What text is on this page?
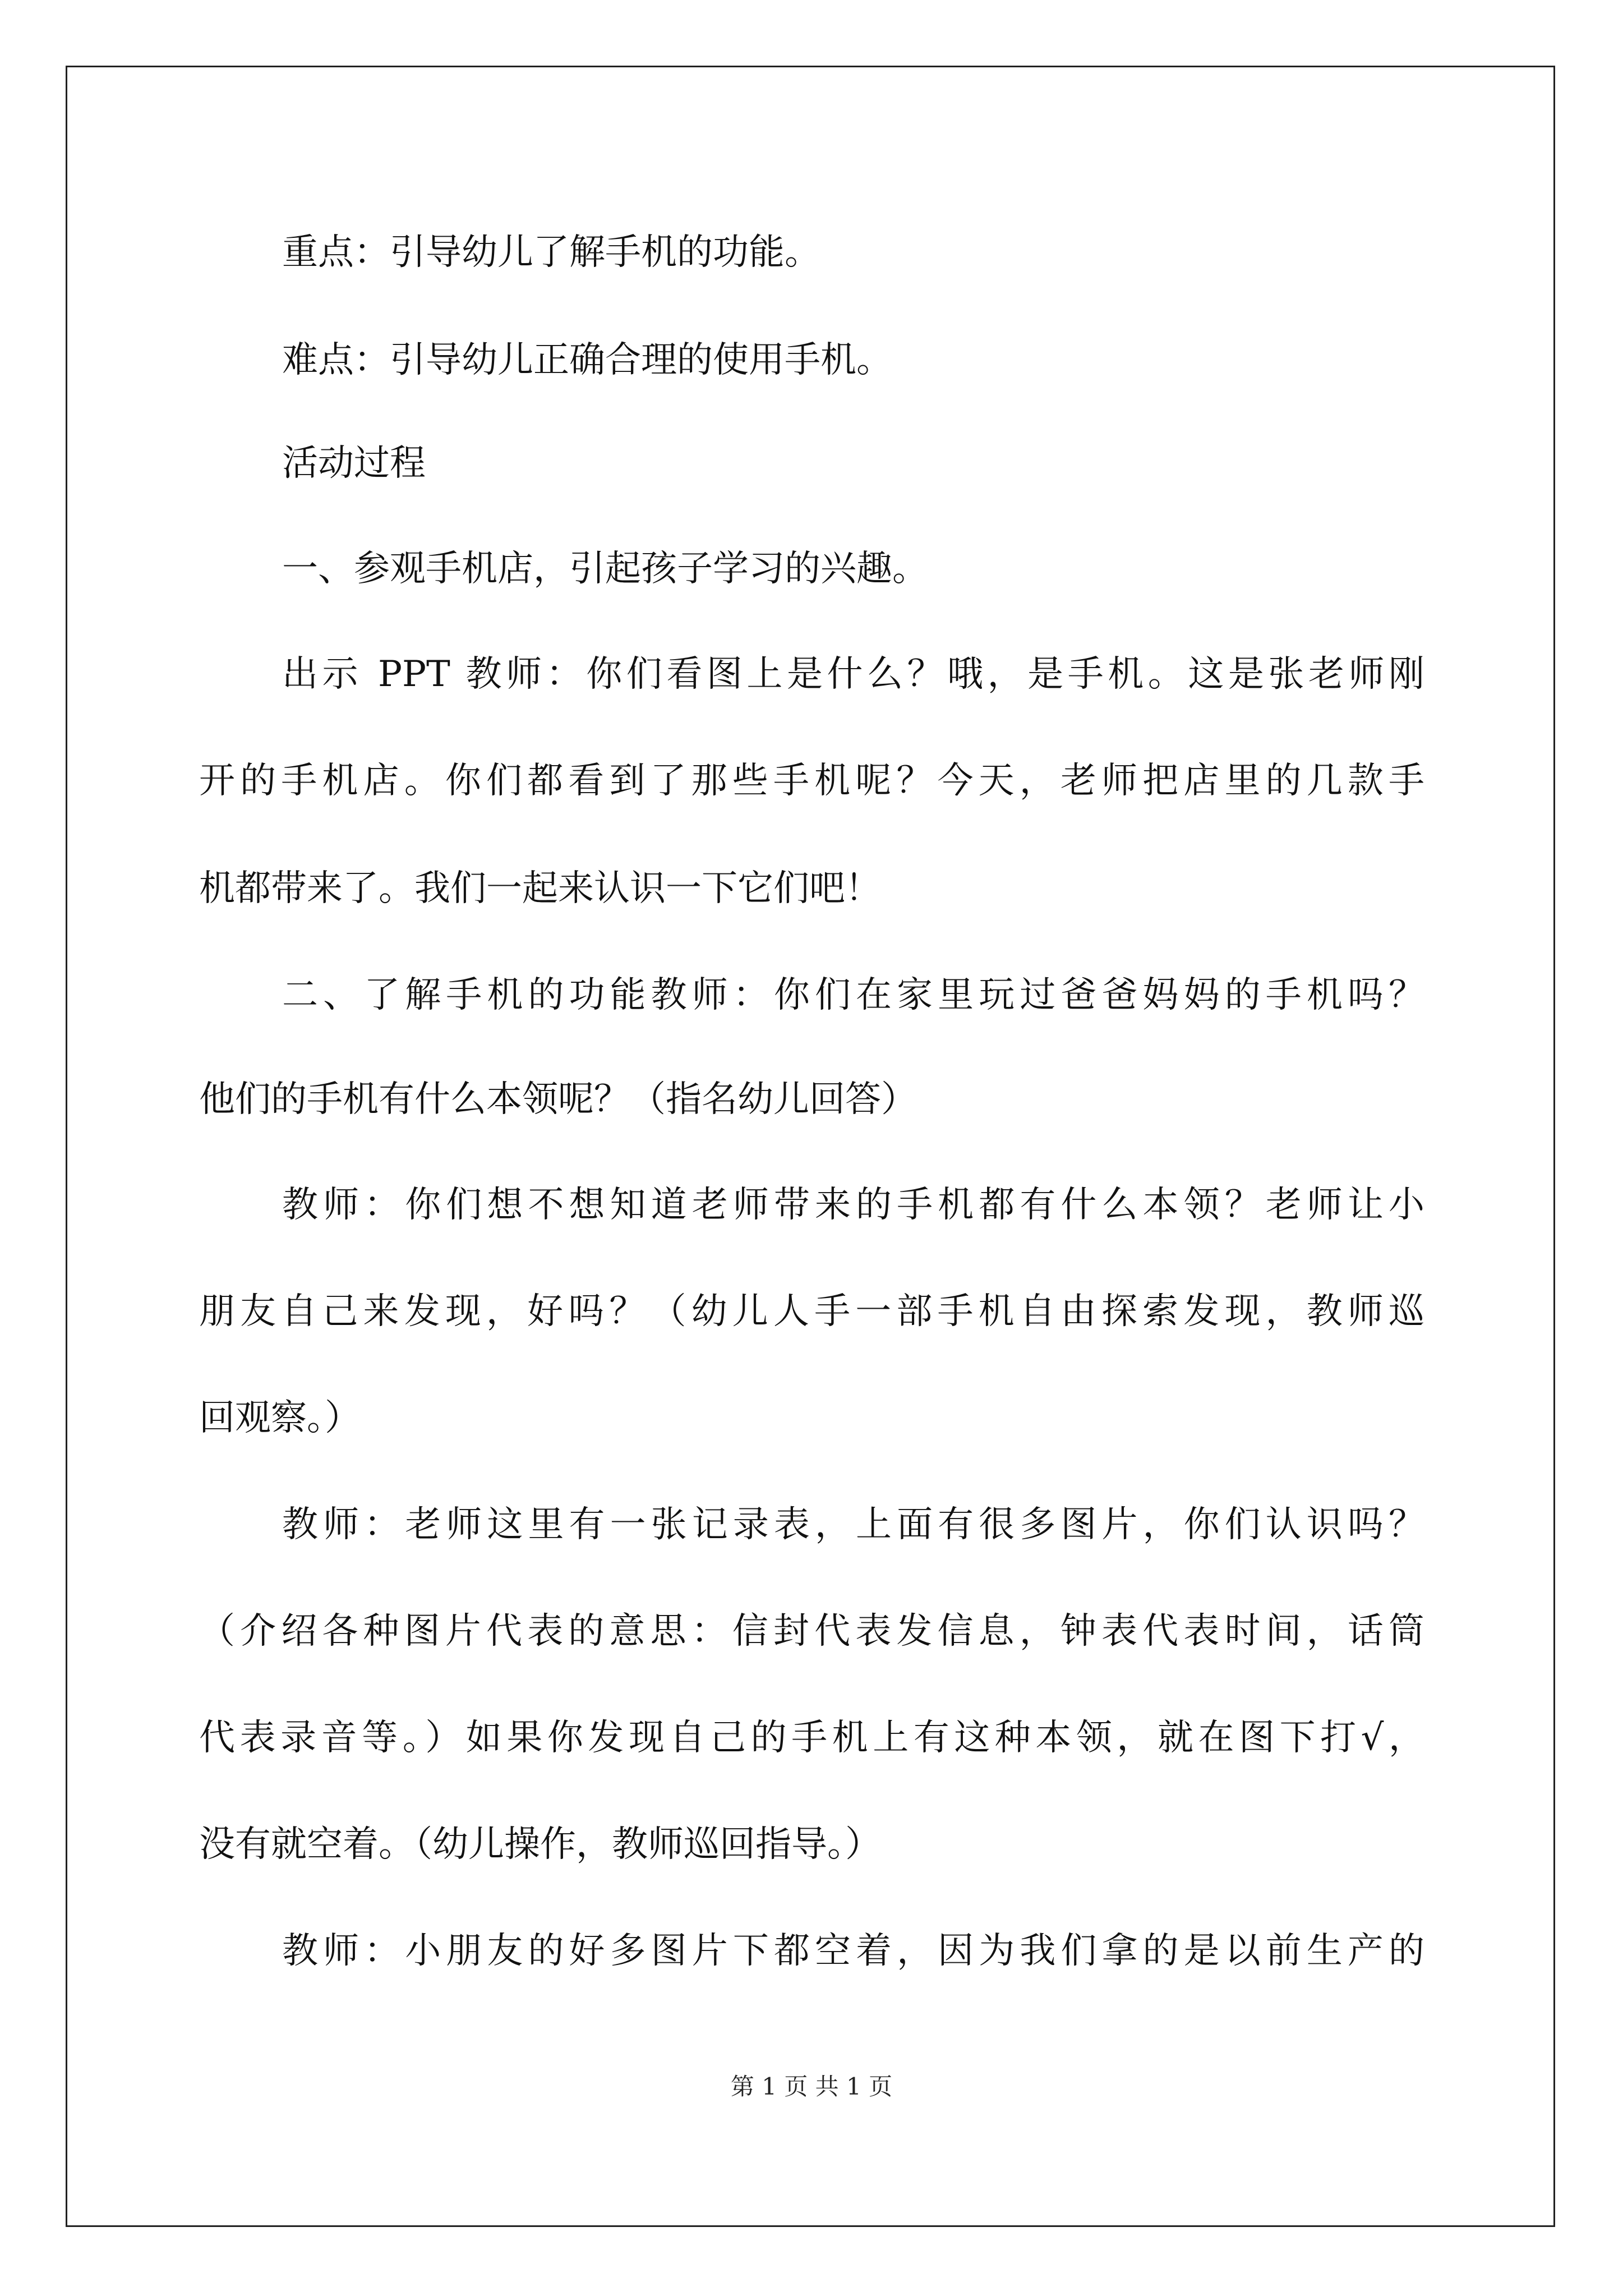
重点：引导幼儿了解手机的功能。
难点：引导幼儿正确合理的使用手机。
活动过程
一、参观手机店，引起孩子学习的兴趣。
出示 PPT 教师：你们看图上是什么？哦，是手机。这是张老师刚
开的手机店。你们都看到了那些手机呢？今天，老师把店里的几款手
机都带来了。我们一起来认识一下它们吧！
二、了解手机的功能教师：你们在家里玩过爸爸妈妈的手机吗？
他们的手机有什么本领呢？（指名幼儿回答）
教师：你们想不想知道老师带来的手机都有什么本领？老师让小
朋友自己来发现，好吗？（幼儿人手一部手机自由探索发现，教师巡
回观察。）
教师：老师这里有一张记录表，上面有很多图片，你们认识吗？
（介绍各种图片代表的意思：信封代表发信息，钟表代表时间，话筒
代表录音等。）如果你发现自己的手机上有这种本领，就在图下打√，
没有就空着。（幼儿操作，教师巡回指导。）
教师：小朋友的好多图片下都空着，因为我们拿的是以前生产的
第 1 页 共 1 页
